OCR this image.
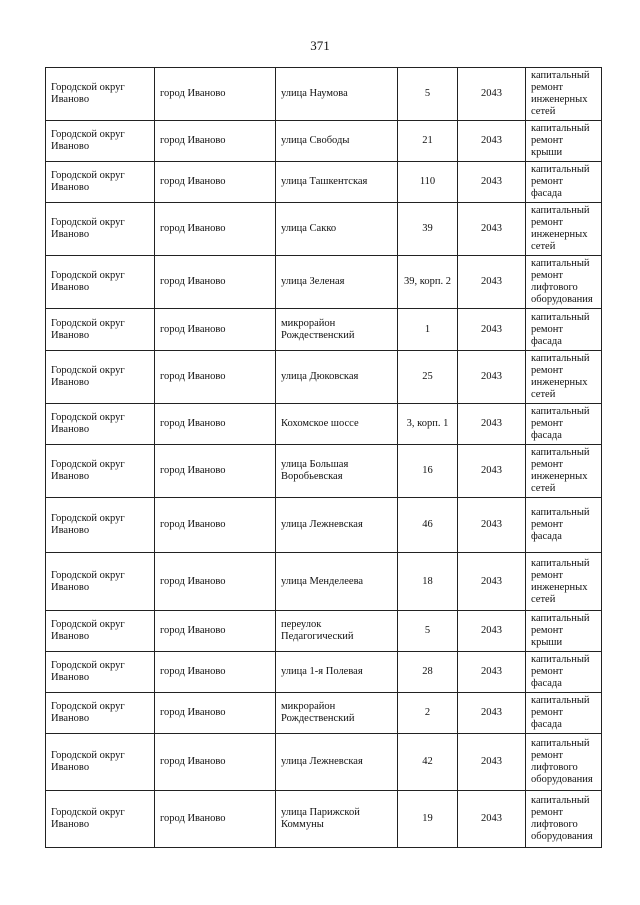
371
Городской округ Иваново	город Иваново	улица Наумова	5	2043	капитальный ремонт инженерных сетей
Городской округ Иваново	город Иваново	улица Свободы	21	2043	капитальный ремонт крыши
Городской округ Иваново	город Иваново	улица Ташкентская	110	2043	капитальный ремонт фасада
Городской округ Иваново	город Иваново	улица Сакко	39	2043	капитальный ремонт инженерных сетей
Городской округ Иваново	город Иваново	улица Зеленая	39, корп. 2	2043	капитальный ремонт лифтового оборудования
Городской округ Иваново	город Иваново	микрорайон Рождественский	1	2043	капитальный ремонт фасада
Городской округ Иваново	город Иваново	улица Дюковская	25	2043	капитальный ремонт инженерных сетей
Городской округ Иваново	город Иваново	Кохомское шоссе	3, корп. 1	2043	капитальный ремонт фасада
Городской округ Иваново	город Иваново	улица Большая Воробьевская	16	2043	капитальный ремонт инженерных сетей
Городской округ Иваново	город Иваново	улица Лежневская	46	2043	капитальный ремонт фасада
Городской округ Иваново	город Иваново	улица Менделеева	18	2043	капитальный ремонт инженерных сетей
Городской округ Иваново	город Иваново	переулок Педагогический	5	2043	капитальный ремонт крыши
Городской округ Иваново	город Иваново	улица 1-я Полевая	28	2043	капитальный ремонт фасада
Городской округ Иваново	город Иваново	микрорайон Рождественский	2	2043	капитальный ремонт фасада
Городской округ Иваново	город Иваново	улица Лежневская	42	2043	капитальный ремонт лифтового оборудования
Городской округ Иваново	город Иваново	улица Парижской Коммуны	19	2043	капитальный ремонт лифтового оборудования
